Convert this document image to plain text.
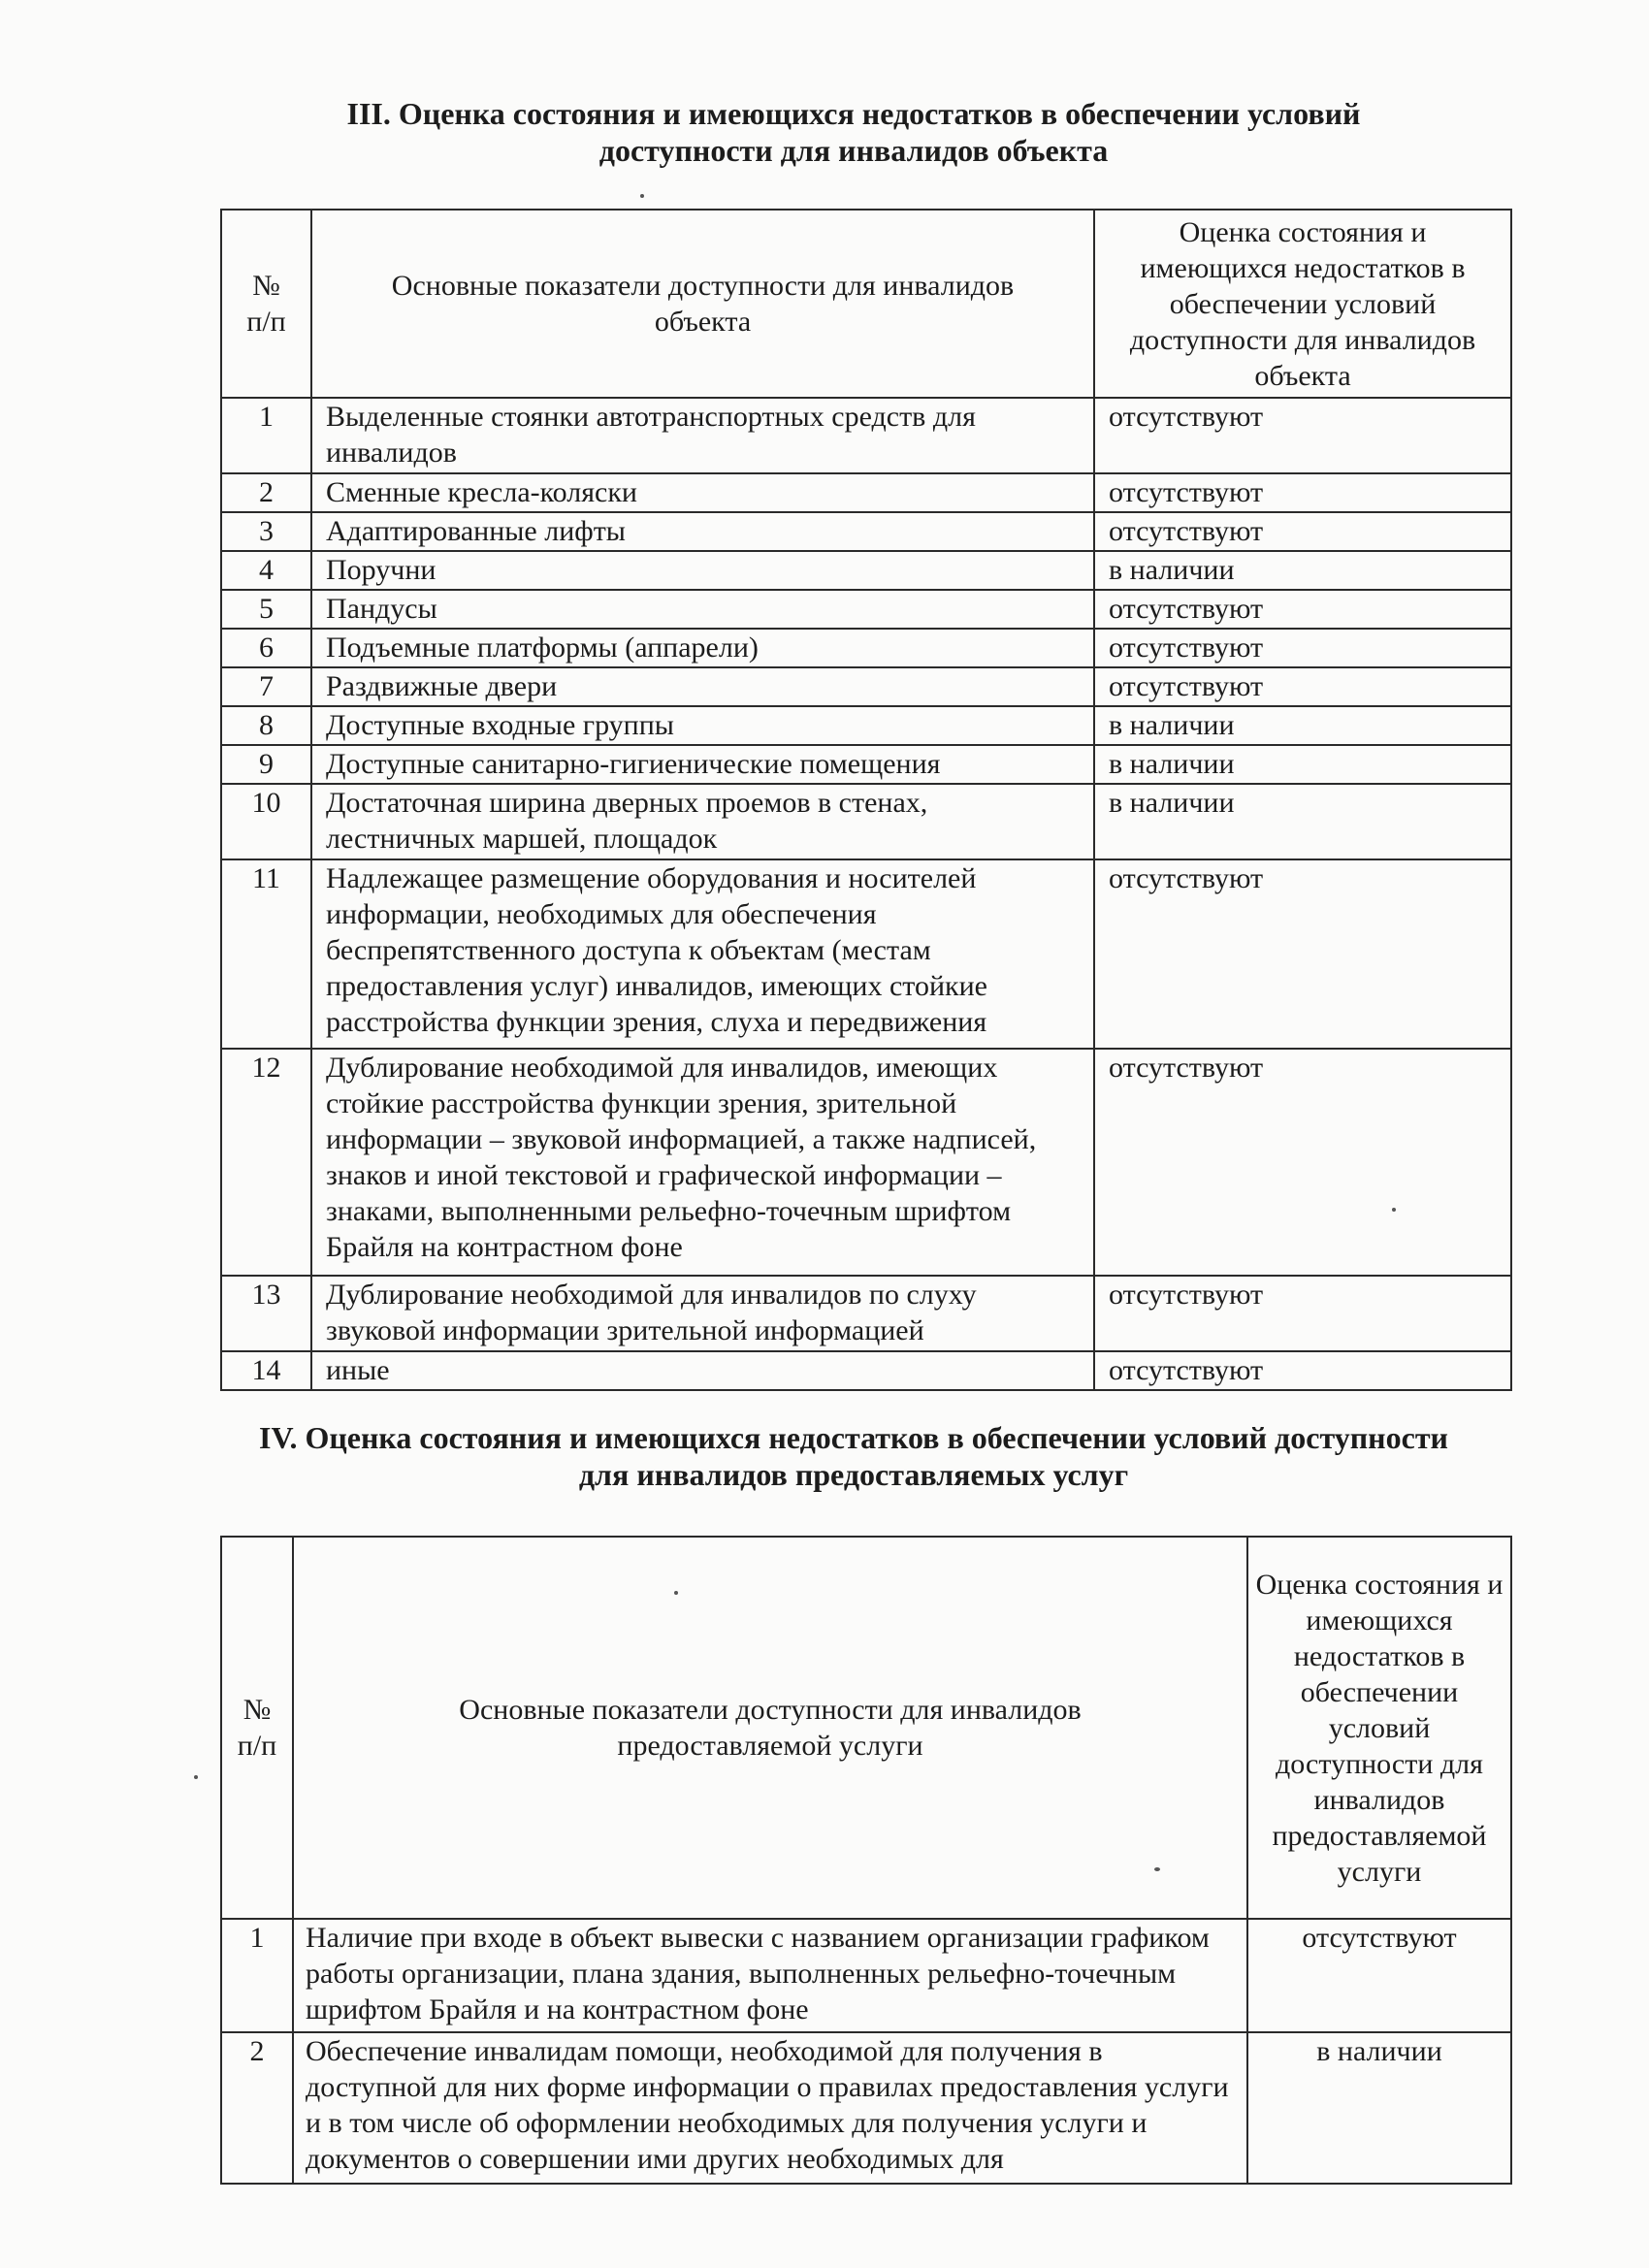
III. Оценка состояния и имеющихся недостатков в обеспечении условий
доступности для инвалидов объекта
№ п/п	Основные показатели доступности для инвалидов объекта	Оценка состояния и имеющихся недостатков в обеспечении условий доступности для инвалидов объекта
1	Выделенные стоянки автотранспортных средств для инвалидов	отсутствуют
2	Сменные кресла-коляски	отсутствуют
3	Адаптированные лифты	отсутствуют
4	Поручни	в наличии
5	Пандусы	отсутствуют
6	Подъемные платформы (аппарели)	отсутствуют
7	Раздвижные двери	отсутствуют
8	Доступные входные группы	в наличии
9	Доступные санитарно-гигиенические помещения	в наличии
10	Достаточная ширина дверных проемов в стенах, лестничных маршей, площадок	в наличии
11	Надлежащее размещение оборудования и носителей информации, необходимых для обеспечения беспрепятственного доступа к объектам (местам предоставления услуг) инвалидов, имеющих стойкие расстройства функции зрения, слуха и передвижения	отсутствуют
12	Дублирование необходимой для инвалидов, имеющих стойкие расстройства функции зрения, зрительной информации – звуковой информацией, а также надписей, знаков и иной текстовой и графической информации – знаками, выполненными рельефно-точечным шрифтом Брайля на контрастном фоне	отсутствуют
13	Дублирование необходимой для инвалидов по слуху звуковой информации зрительной информацией	отсутствуют
14	иные	отсутствуют
IV. Оценка состояния и имеющихся недостатков в обеспечении условий доступности
для инвалидов предоставляемых услуг
№ п/п	Основные показатели доступности для инвалидов предоставляемой услуги	Оценка состояния и имеющихся недостатков в обеспечении условий доступности для инвалидов предоставляемой услуги
1	Наличие при входе в объект вывески с названием организации графиком работы организации, плана здания, выполненных рельефно-точечным шрифтом Брайля и на контрастном фоне	отсутствуют
2	Обеспечение инвалидам помощи, необходимой для получения в доступной для них форме информации о правилах предоставления услуги и в том числе об оформлении необходимых для получения услуги и документов о совершении ими других необходимых для	в наличии
